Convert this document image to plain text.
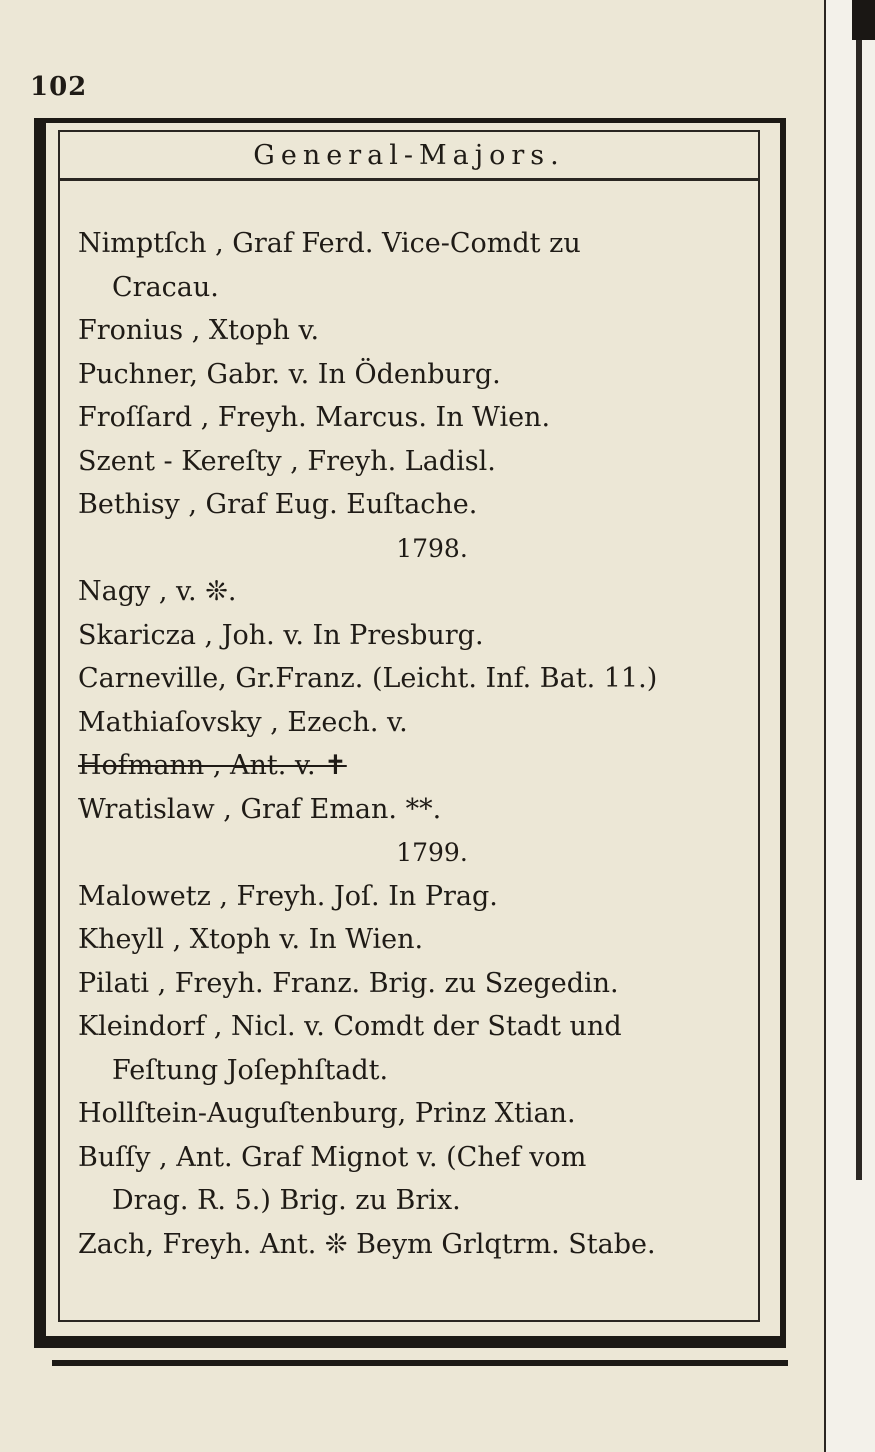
102
General-Majors.
Nimptſch , Graf Ferd. Vice-Comdt zu
Cracau.
Fronius , Xtoph v.
Puchner, Gabr. v. In Ödenburg.
Froſſard , Freyh. Marcus. In Wien.
Szent - Kereſty , Freyh. Ladisl.
Bethisy , Graf Eug. Euſtache.
1798.
Nagy , v. ❊.
Skaricza , Joh. v. In Presburg.
Carneville, Gr.Franz. (Leicht. Inf. Bat. 11.)
Mathiaſovsky , Ezech. v.
Hofmann , Ant. v. ✝
Wratislaw , Graf Eman. **.
1799.
Malowetz , Freyh. Joſ. In Prag.
Kheyll , Xtoph v. In Wien.
Pilati , Freyh. Franz. Brig. zu Szegedin.
Kleindorf , Nicl. v. Comdt der Stadt und
Feſtung Joſephſtadt.
Hollſtein-Auguſtenburg, Prinz Xtian.
Buſſy , Ant. Graf Mignot v. (Chef vom
Drag. R. 5.) Brig. zu Brix.
Zach, Freyh. Ant. ❊ Beym Grlqtrm. Stabe.
